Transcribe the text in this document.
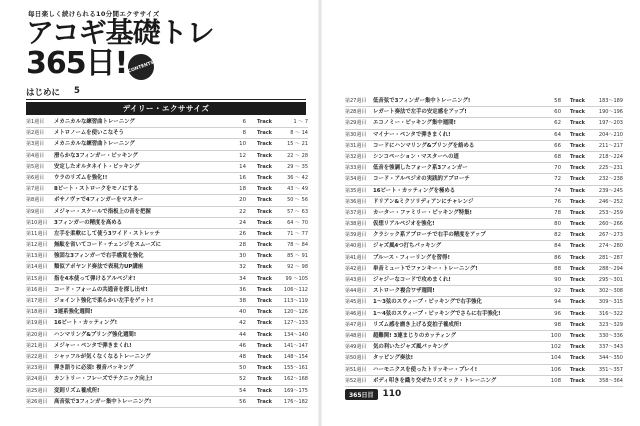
毎日楽しく続けられる10分間エクササイズ
アコギ基礎トレ
365日! CONTENTS
はじめに 5
デイリー・エクササイズ
第1週目	メカニカルな練習曲トレーニング	6 Track	1 ～ 7
第2週目	メトロノームを使いこなそう	8 Track	8 ～ 14
第3週目	メカニカルな練習曲トレーニング	10 Track	15 ～ 21
第4週目	滑らかな3フィンガー・ピッキング	12 Track	22 ～ 28
第5週目	安定したオルタネイト・ピッキング	14 Track	29 ～ 35
第6週目	ウラのリズムを強化!!	16 Track	36 ～ 42
第7週目	8ビート・ストロークをモノにする	18 Track	43 ～ 49
第8週目	ボサノヴァで4フィンガーをマスター	20 Track	50 ～ 56
第9週目	メジャー・スケールで指板上の音を把握	22 Track	57 ～ 63
第10週目	3フィンガーの精度を高める	24 Track	64 ～ 70
第11週目	左手を柔軟にして使う3ワイド・ストレッチ	26 Track	71 ～ 77
第12週目	無駄を省いてコード・チェンジをスムーズに	28 Track	78 ～ 84
第13週目	強固な3フィンガーで右手感覚を強化	30 Track	85 ～ 91
第14週目	類似アポヤンド奏法で表現力UP講座	32 Track	92 ～ 98
第15週目	指を4本使って弾けるアルペジオ!	34 Track	99 ～105
第16週目	コード・フォームの共通音を探し出せ!	36 Track	106～112
第17週目	ジョイント強化で柔らかい左手をゲット!	38 Track	113～119
第18週目	3連系強化週間!	40 Track	120～126
第19週目	16ビート・カッティング!	42 Track	127～133
第20週目	ハンマリング&プリング強化週間!	44 Track	134～140
第21週目	メジャー・ペンタで弾きまくれ!	46 Track	141～147
第22週目	シャッフルが気くなくなるトレーニング	48 Track	148～154
第23週目	弾き語りに必須! 複音パッキング	50 Track	155～161
第24週目	カントリー・フレーズでテクニック向上!	52 Track	162～168
第25週目	変則リズム養成所!	54 Track	169～175
第26週目	高音弦で3フィンガー集中トレーニング!	56 Track	176～182
第27週目	低音弦で3フィンガー集中トレーニング!	58 Track	183～189
第28週目	レガート奏法で左手の安定感をアップ!	60 Track	190～196
第29週目	エコノミー・ピッキング集中週間!	62 Track	197～203
第30週目	マイナー・ペンタで弾きまくれ!	64 Track	204～210
第31週目	コードにハンマリング&プリングを絡める	66 Track	211～217
第32週目	シンコペーション・マスターへの道	68 Track	218～224
第33週目	低音を強調したフォーク系3フィンガー	70 Track	225～231
第34週目	コード・アルペジオの実践的アプローチ	72 Track	232～238
第35週目	16ビート・カッティングを極める	74 Track	239～245
第36週目	ドリアン&ミクソリディアンにチャレンジ	76 Track	246～252
第37週目	カーター・ファミリー・ピッキング特集!	78 Track	253～259
第38週目	仮想リアルペジオを強化!	80 Track	260～266
第39週目	クラシック系アプローチで右手の精度をアップ	82 Track	267～273
第40週目	ジャズ風4つ打ちパッキング	84 Track	274～280
第41週目	ブルース・フィーリングを習得!	86 Track	281～287
第42週目	単音ミュートでファンキー・トレーニング!	88 Track	288～294
第43週目	ジャジーなコードで攻めまくれ!	90 Track	295～301
第44週目	ストローク複合ワザ週間!	92 Track	302～308
第45週目	1～3弦のスウィープ・ピッキングで右手強化	94 Track	309～315
第46週目	1～4弦のスウィープ・ピッキングでさらに右手強化!	96 Track	316～322
第47週目	リズム感を磨き上げる変拍子養成所!	98 Track	323～329
第48週目	超難関! 3連まじりのカッティング	100 Track	330～336
第49週目	気の利いたジャズ風パッキング	102 Track	337～343
第50週目	タッピング奏法!	104 Track	344～350
第51週目	ハーモニクスを使ったトリッキー・プレイ!	106 Track	351～357
第52週目	ボディ叩きを織り交ぜたリズミック・トレーニング	108 Track	358～364
365日目	110
